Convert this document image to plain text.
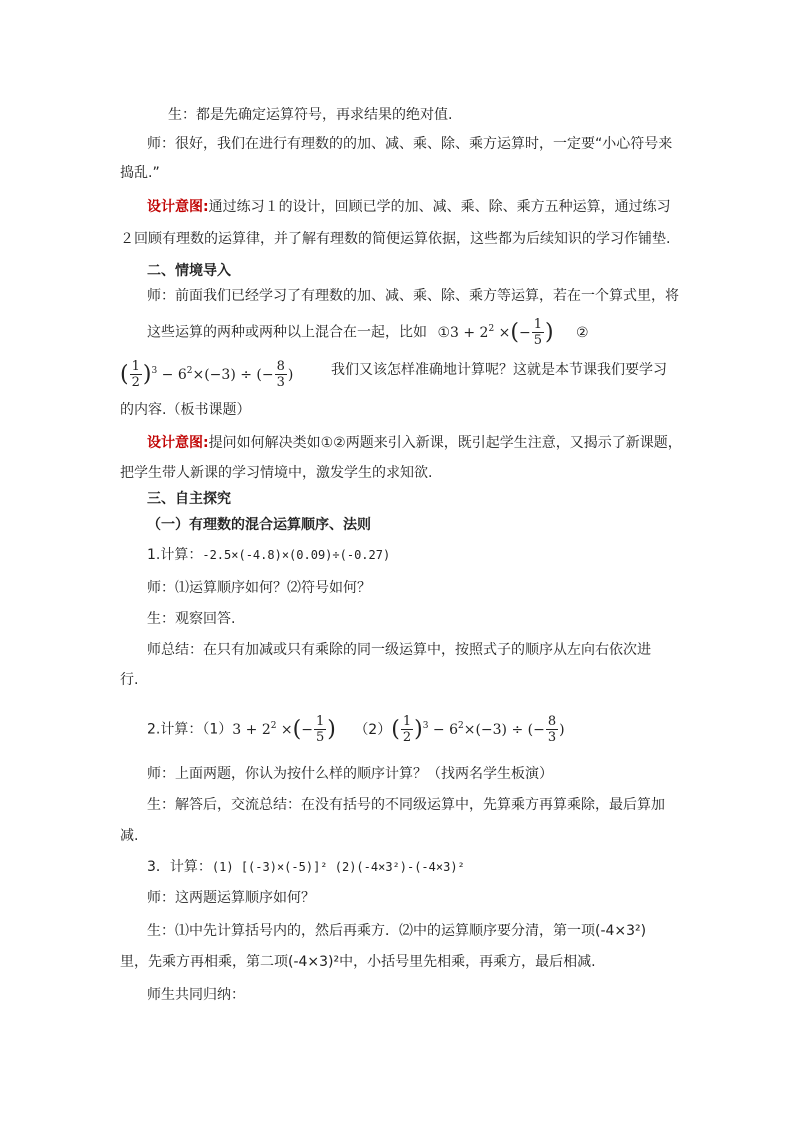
生：都是先确定运算符号，再求结果的绝对值.
师：很好，我们在进行有理数的的加、减、乘、除、乘方运算时，一定要“小心符号来
捣乱.”
设计意图:通过练习１的设计，回顾已学的加、减、乘、除、乘方五种运算，通过练习
２回顾有理数的运算律，并了解有理数的简便运算依据，这些都为后续知识的学习作铺垫.
二、情境导入
师：前面我们已经学习了有理数的加、减、乘、除、乘方等运算，若在一个算式里，将
这些运算的两种或两种以上混合在一起，比如 ①3 + $2^2$ ×(− $\frac{1}{5}$ ) ②
( $\frac{1}{2} )^3 - 6^2\times(-3)$ ÷ (− $\frac{8}{3}$ )	我们又该怎样准确地计算呢？这就是本节课我们要学习
的内容.（板书课题）
设计意图:提问如何解决类如①②两题来引入新课，既引起学生注意，又揭示了新课题，
把学生带人新课的学习情境中，激发学生的求知欲.
三、自主探究
（一）有理数的混合运算顺序、法则
1.计算：-2.5×(-4.8)×(0.09)÷(-0.27)
师：⑴运算顺序如何？⑵符号如何？
生：观察回答.
师总结：在只有加减或只有乘除的同一级运算中，按照式子的顺序从左向右依次进
行.
2.计算：$(1)3 + 2^2$ ×(− $\frac{1}{5}$ ) $(2)( \frac{1}{2} )^3 - 6^2\times(-3)$ ÷ (− $\frac{8}{3}$ )
师：上面两题，你认为按什么样的顺序计算？（找两名学生板演）
生：解答后，交流总结：在没有括号的不同级运算中，先算乘方再算乘除，最后算加
减.
3．计算：(1) [(-3)×(-5)]² (2)(-4×3²)-(-4×3)²
师：这两题运算顺序如何？
生：⑴中先计算括号内的，然后再乘方．⑵中的运算顺序要分清，第一项(-4×3²)
里，先乘方再相乘，第二项(-4×3)²中，小括号里先相乘，再乘方，最后相减.
师生共同归纳：
